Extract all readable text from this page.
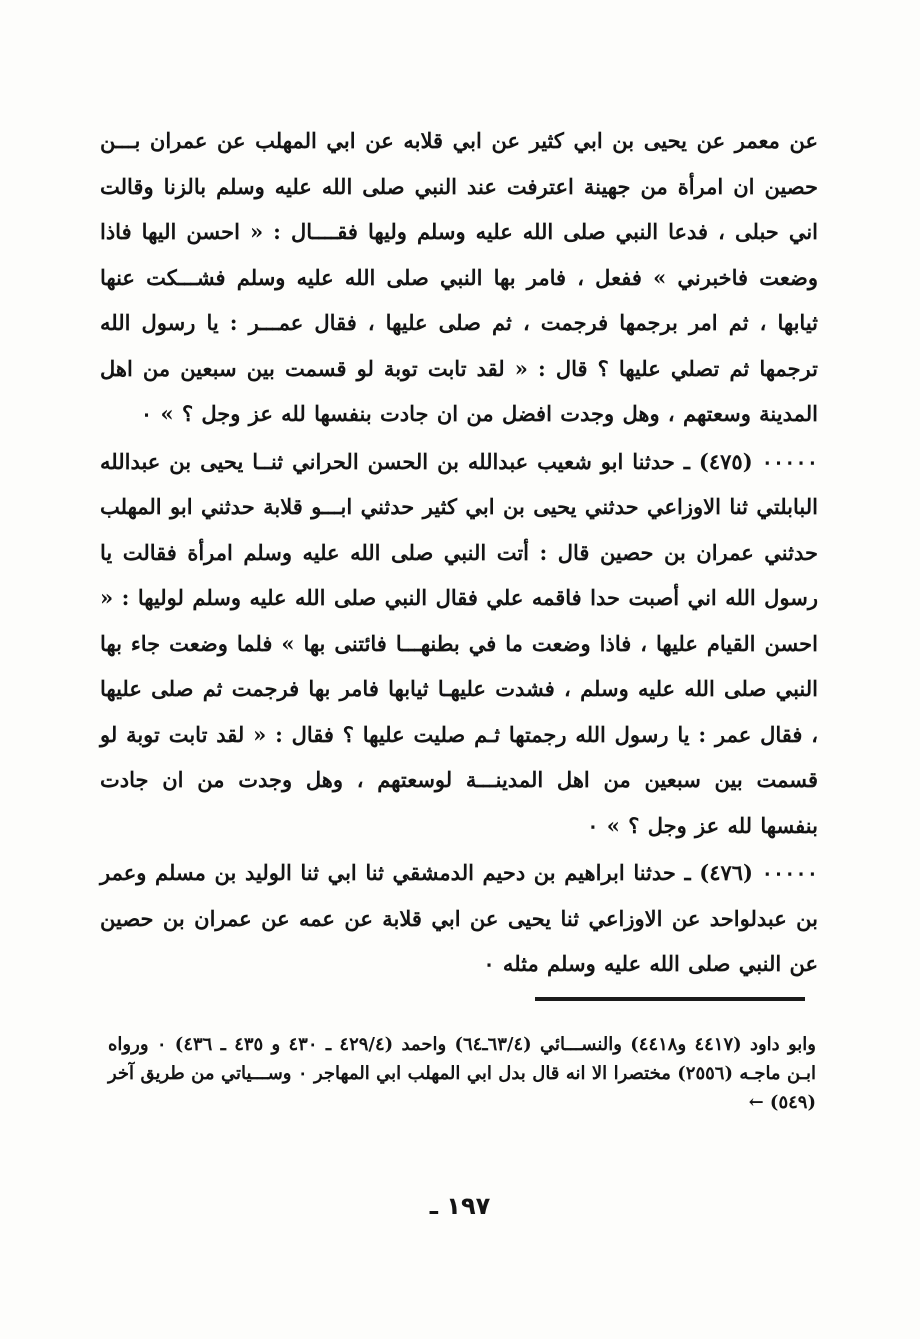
عن معمر عن يحيى بن ابي كثير عن ابي قلابه عن ابي المهلب عن عمران بـــن حصين ان امرأة من جهينة اعترفت عند النبي صلى الله عليه وسلم بالزنا وقالت اني حبلى ، فدعا النبي صلى الله عليه وسلم وليها فقــــال : « احسن اليها فاذا وضعت فاخبرني » ففعل ، فامر بها النبي صلى الله عليه وسلم فشـــكت عنها ثيابها ، ثم امر برجمها فرجمت ، ثم صلى عليها ، فقال عمـــر : يا رسول الله ترجمها ثم تصلي عليها ؟ قال : « لقد تابت توبة لو قسمت بين سبعين من اهل المدينة وسعتهم ، وهل وجدت افضل من ان جادت بنفسها لله عز وجل ؟ » ٠

٠٠٠٠٠ (٤٧٥) ـ حدثنا ابو شعيب عبدالله بن الحسن الحراني ثنــا يحيى بن عبدالله البابلتي ثنا الاوزاعي حدثني يحيى بن ابي كثير حدثني ابـــو قلابة حدثني ابو المهلب حدثني عمران بن حصين قال : أتت النبي صلى الله عليه وسلم امرأة فقالت يا رسول الله اني أصبت حدا فاقمه علي فقال النبي صلى الله عليه وسلم لوليها : « احسن القيام عليها ، فاذا وضعت ما في بطنهـــا فائتنى بها » فلما وضعت جاء بها النبي صلى الله عليه وسلم ، فشدت عليهـا ثيابها فامر بها فرجمت ثم صلى عليها ، فقال عمر : يا رسول الله رجمتها ثـم صليت عليها ؟ فقال : « لقد تابت توبة لو قسمت بين سبعين من اهل المدينـــة لوسعتهم ، وهل وجدت من ان جادت بنفسها لله عز وجل ؟ » ٠

٠٠٠٠٠ (٤٧٦) ـ حدثنا ابراهيم بن دحيم الدمشقي ثنا ابي ثنا الوليد بن مسلم وعمر بن عبدلواحد عن الاوزاعي ثنا يحيى عن ابي قلابة عن عمه عن عمران بن حصين عن النبي صلى الله عليه وسلم مثله ٠

وابو داود (٤٤١٧ و٤٤١٨) والنســـائي (٦٣/٤ـ٦٤) واحمد (٤٢٩/٤ ـ ٤٣٠ و ٤٣٥ ـ ٤٣٦) ٠ ورواه ابـن ماجـه (٢٥٥٦) مختصرا الا انه قال بدل ابي المهلب ابي المهاجر ٠ وســـياتي من طريق آخر (٥٤٩) ←

١٩٧ ـ
